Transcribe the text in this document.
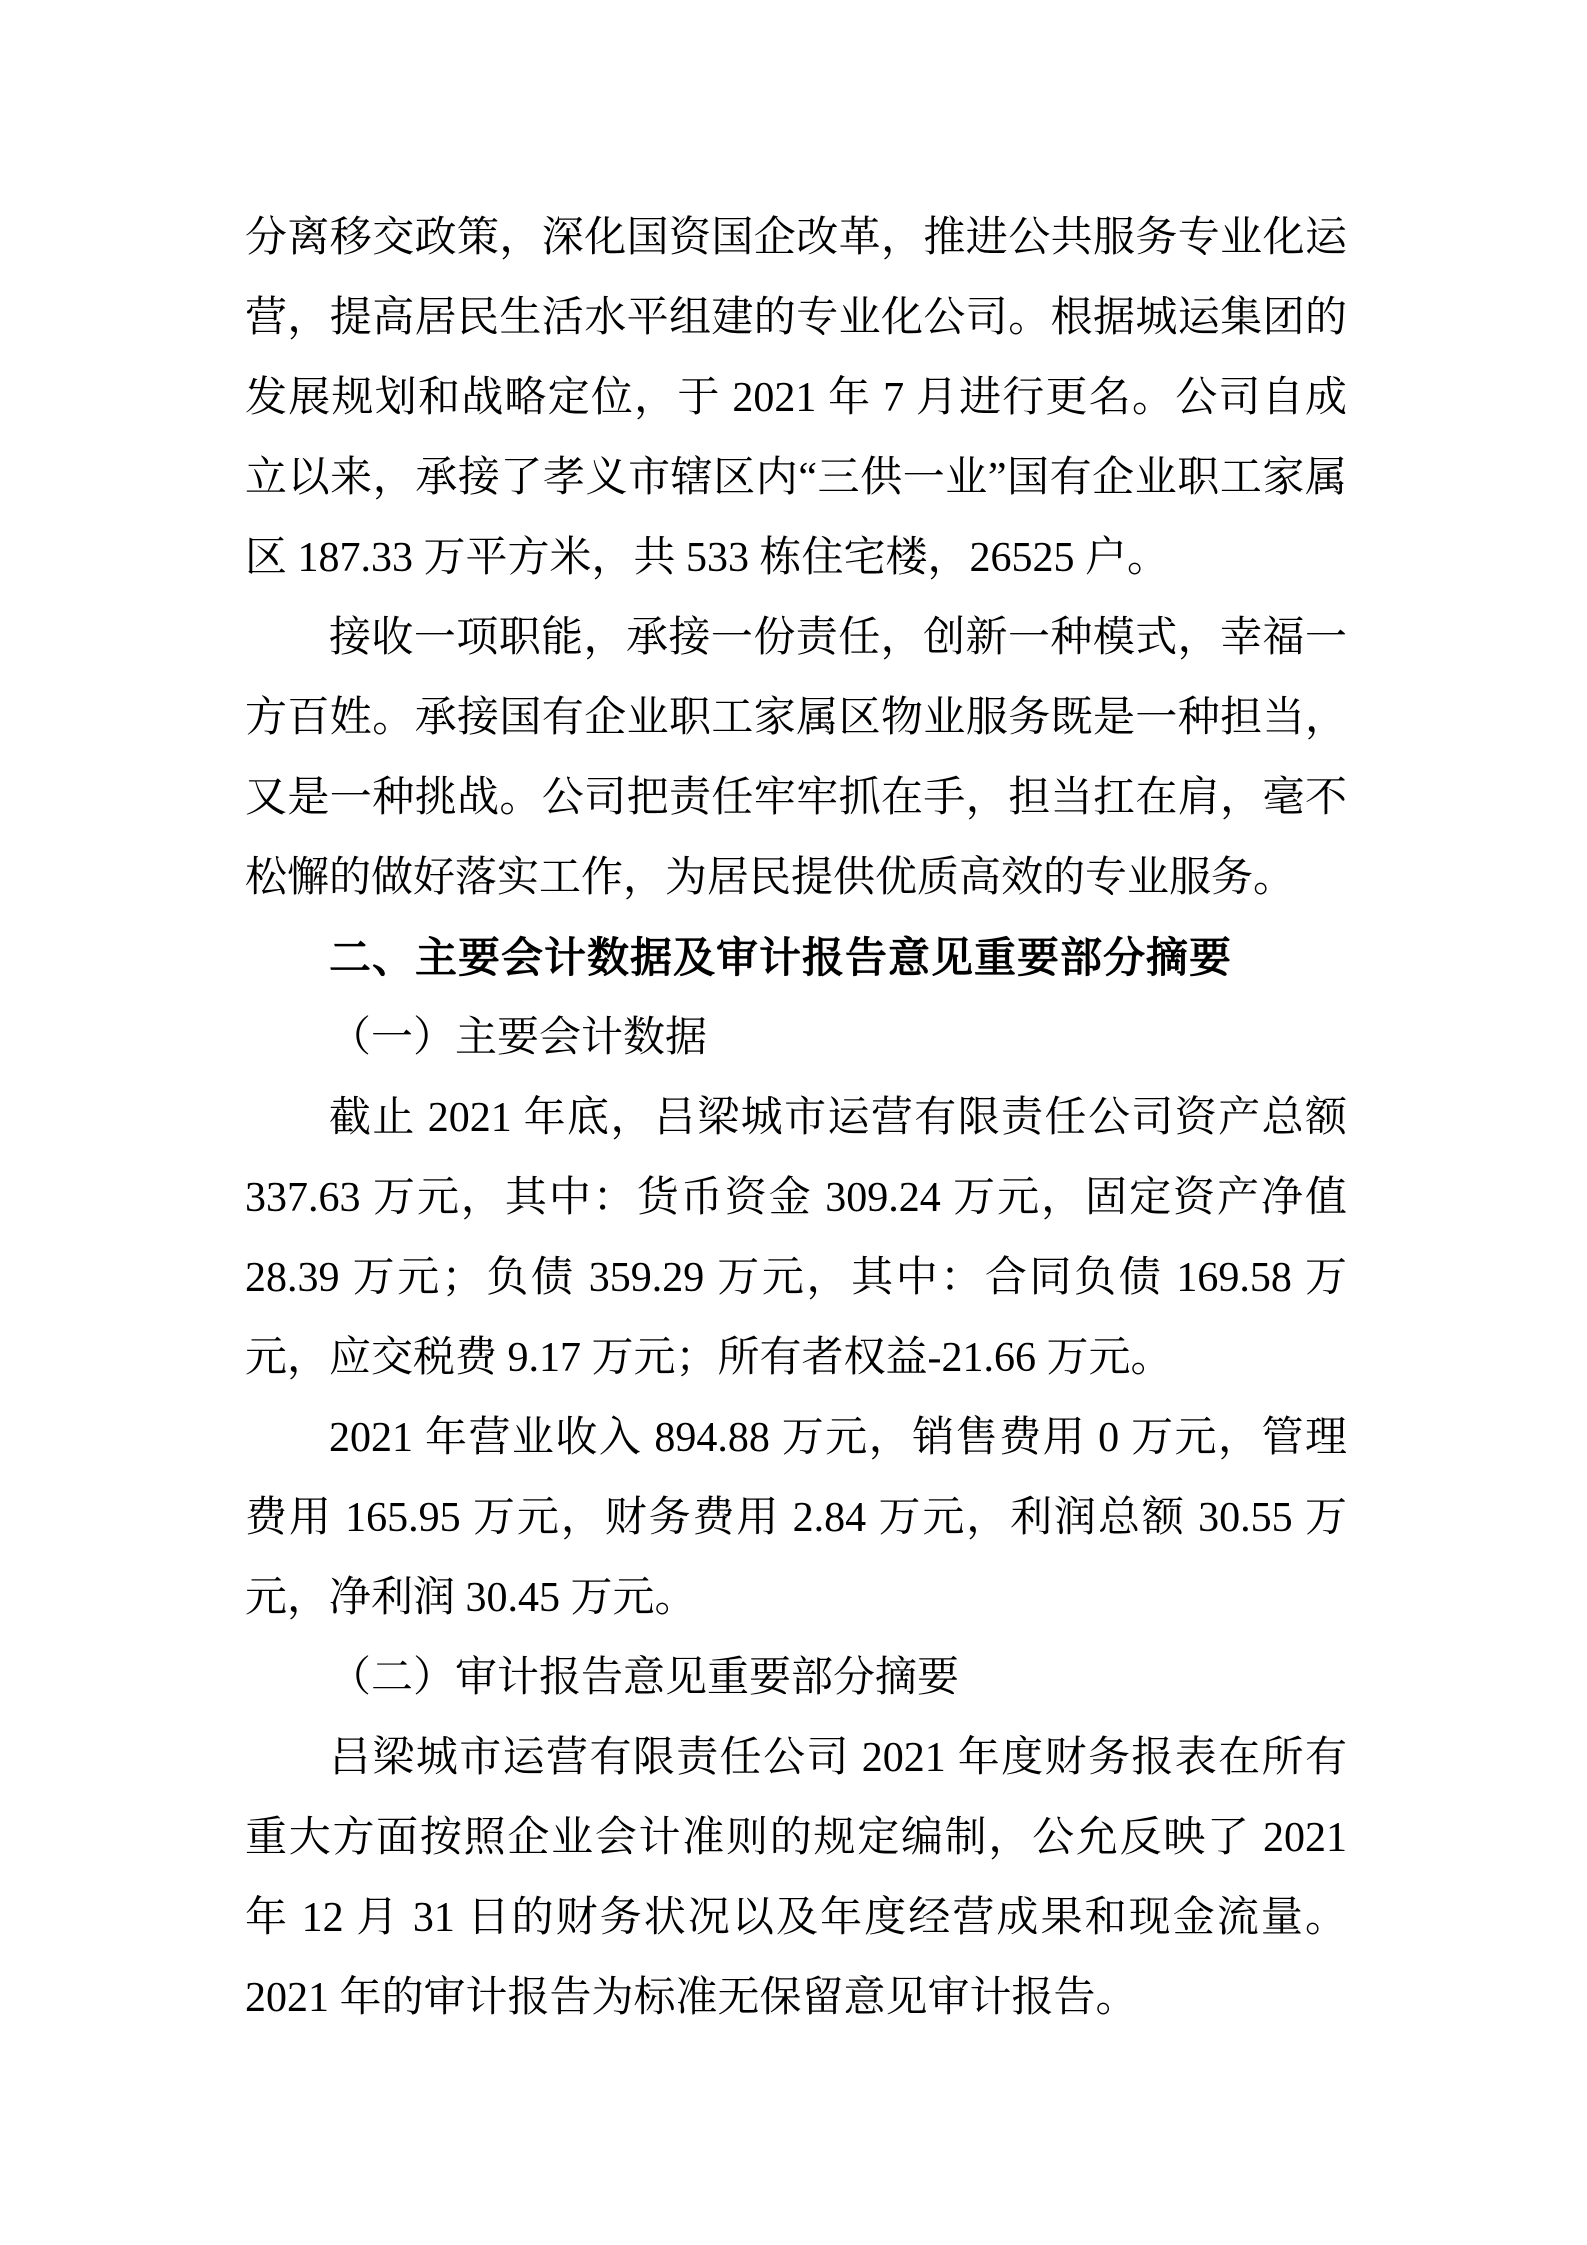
分离移交政策，深化国资国企改革，推进公共服务专业化运营，提高居民生活水平组建的专业化公司。根据城运集团的发展规划和战略定位，于 2021 年 7 月进行更名。公司自成立以来，承接了孝义市辖区内“三供一业”国有企业职工家属区 187.33 万平方米，共 533 栋住宅楼，26525 户。

接收一项职能，承接一份责任，创新一种模式，幸福一方百姓。承接国有企业职工家属区物业服务既是一种担当，又是一种挑战。公司把责任牢牢抓在手，担当扛在肩，毫不松懈的做好落实工作，为居民提供优质高效的专业服务。

二、主要会计数据及审计报告意见重要部分摘要

（一）主要会计数据

截止 2021 年底，吕梁城市运营有限责任公司资产总额 337.63 万元，其中：货币资金 309.24 万元，固定资产净值 28.39 万元；负债 359.29 万元，其中：合同负债 169.58 万元，应交税费 9.17 万元；所有者权益-21.66 万元。

2021 年营业收入 894.88 万元，销售费用 0 万元，管理费用 165.95 万元，财务费用 2.84 万元，利润总额 30.55 万元，净利润 30.45 万元。

（二）审计报告意见重要部分摘要

吕梁城市运营有限责任公司 2021 年度财务报表在所有重大方面按照企业会计准则的规定编制，公允反映了 2021 年 12 月 31 日的财务状况以及年度经营成果和现金流量。2021 年的审计报告为标准无保留意见审计报告。
